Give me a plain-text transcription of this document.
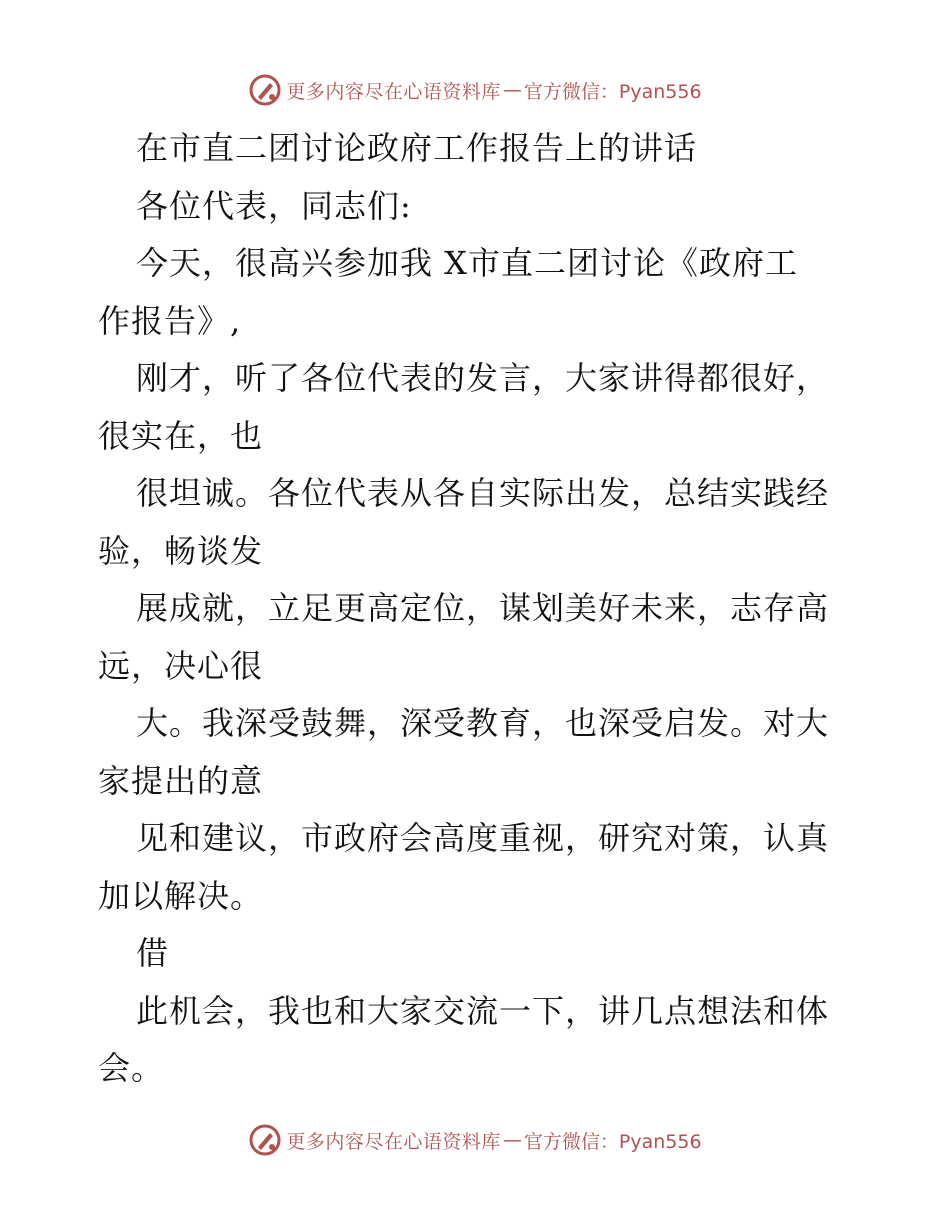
更多内容尽在心语资料库 — 官方微信：Pyan556
在市直二团讨论政府工作报告上的讲话
各位代表，同志们:
今天，很高兴参加我 X市直二团讨论《政府工
作报告》,
刚才，听了各位代表的发言，大家讲得都很好，
很实在，也
很坦诚。各位代表从各自实际出发，总结实践经
验，畅谈发
展成就，立足更高定位，谋划美好未来，志存高
远，决心很
大。我深受鼓舞，深受教育，也深受启发。对大
家提出的意
见和建议，市政府会高度重视，研究对策，认真
加以解决。
借
此机会，我也和大家交流一下，讲几点想法和体
会。
更多内容尽在心语资料库 — 官方微信：Pyan556
